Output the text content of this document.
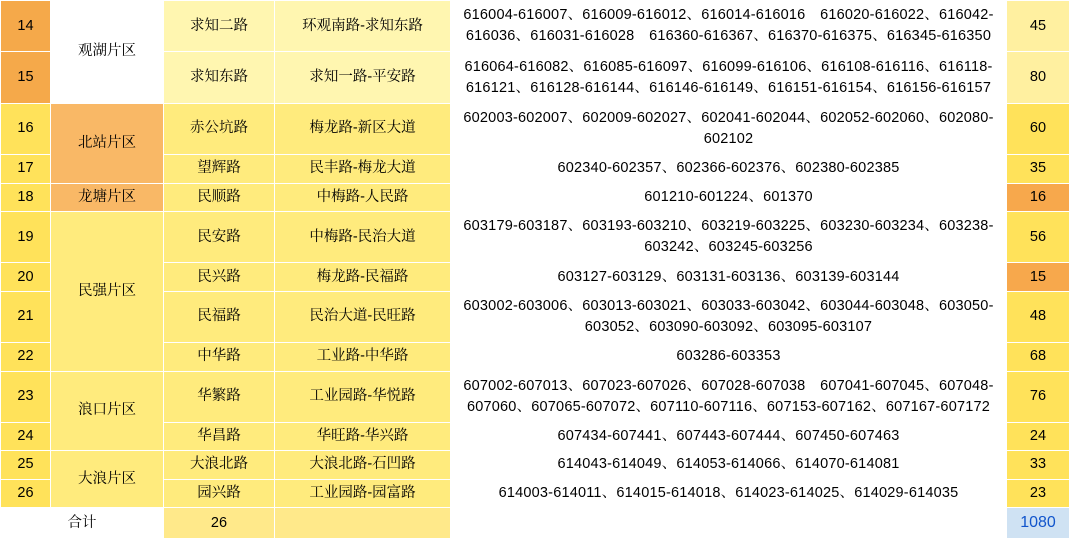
14	观湖片区	求知二路	环观南路-求知东路	616004-616007、616009-616012、616014-616016　616020-616022、616042-616036、616031-616028　616360-616367、616370-616375、616345-616350	45
15		求知东路	求知一路-平安路	616064-616082、616085-616097、616099-616106、616108-616116、616118-616121、616128-616144、616146-616149、616151-616154、616156-616157	80
16	北站片区	赤公坑路	梅龙路-新区大道	602003-602007、602009-602027、602041-602044、602052-602060、602080-602102	60
17		望辉路	民丰路-梅龙大道	602340-602357、602366-602376、602380-602385	35
18	龙塘片区	民顺路	中梅路-人民路	601210-601224、601370	16
19	民强片区	民安路	中梅路-民治大道	603179-603187、603193-603210、603219-603225、603230-603234、603238-603242、603245-603256	56
20		民兴路	梅龙路-民福路	603127-603129、603131-603136、603139-603144	15
21		民福路	民治大道-民旺路	603002-603006、603013-603021、603033-603042、603044-603048、603050-603052、603090-603092、603095-603107	48
22		中华路	工业路-中华路	603286-603353	68
23	浪口片区	华繁路	工业园路-华悦路	607002-607013、607023-607026、607028-607038　607041-607045、607048-607060、607065-607072、607110-607116、607153-607162、607167-607172	76
24		华昌路	华旺路-华兴路	607434-607441、607443-607444、607450-607463	24
25	大浪片区	大浪北路	大浪北路-石凹路	614043-614049、614053-614066、614070-614081	33
26		园兴路	工业园路-园富路	614003-614011、614015-614018、614023-614025、614029-614035	23
合计		26			1080
